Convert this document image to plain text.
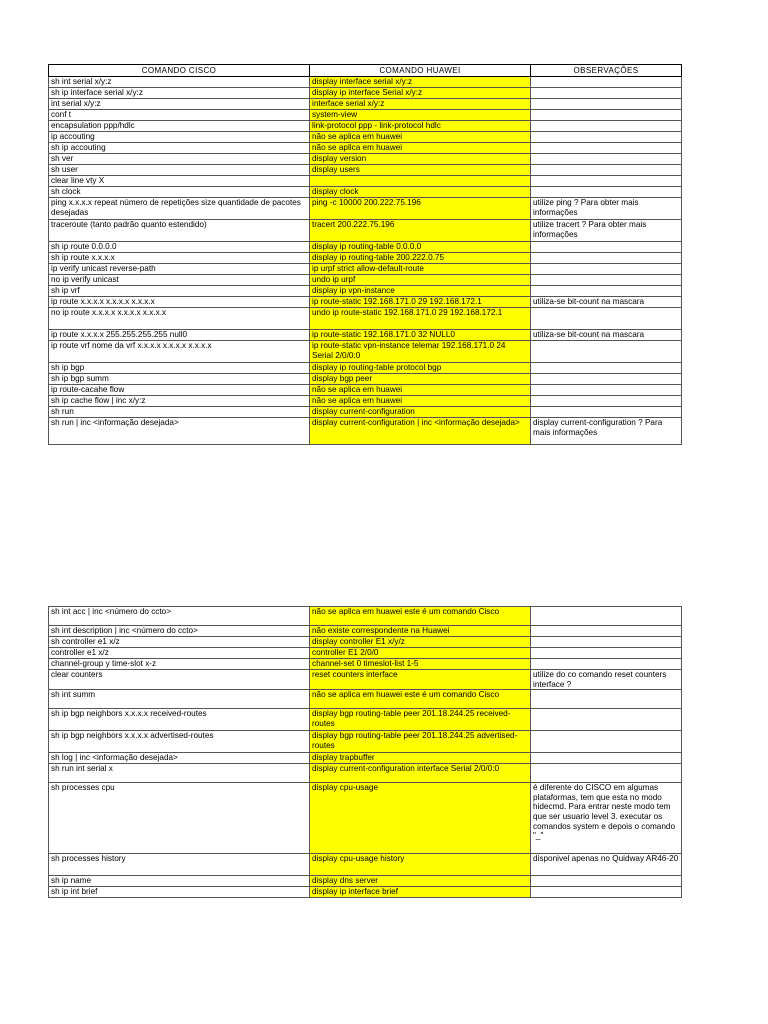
COMANDO CISCO	COMANDO HUAWEI	OBSERVAÇÕES
sh int serial x/y:z	display interface serial x/y:z	
sh ip interface serial x/y:z	display ip interface Serial x/y:z	
int serial x/y:z	interface serial x/y:z	
conf t	system-view	
encapsulation ppp/hdlc	link-protocol ppp - link-protocol hdlc	
ip accouting	não se aplica em huawei	
sh ip accouting	não se aplica em huawei	
sh ver	display version	
sh user	display users	
clear line vty X		
sh clock	display clock	
ping x.x.x.x repeat número de repetições size quantidade de pacotes desejadas	ping -c 10000 200.222.75.196	utilize ping ? Para obter mais informações
traceroute (tanto padrão quanto estendido)	tracert 200.222.75.196	utilize tracert ? Para obter mais informações
sh ip route 0.0.0.0	display ip routing-table 0.0.0.0	
sh ip route x.x.x.x	display ip routing-table 200.222.0.75	
ip verify unicast reverse-path	ip urpf strict allow-default-route	
no ip verify unicast	undo ip urpf	
sh ip vrf	display ip vpn-instance	
ip route x.x.x.x x.x.x.x x.x.x.x	ip route-static 192.168.171.0 29 192.168.172.1	utiliza-se bit-count na mascara
no ip route x.x.x.x x.x.x.x x.x.x.x	undo ip route-static 192.168.171.0 29 192.168.172.1	
ip route x.x.x.x 255.255.255.255 null0	ip route-static 192.168.171.0 32 NULL0	utiliza-se bit-count na mascara
ip route vrf nome da vrf x.x.x.x x.x.x.x x.x.x.x	ip route-static vpn-instance telemar 192.168.171.0 24 Serial 2/0/0:0	
sh ip bgp	display ip routing-table protocol bgp	
sh ip bgp summ	display bgp peer	
ip route-cacahe flow	não se aplica em huawei	
sh ip cache flow | inc x/y:z	não se aplica em huawei	
sh run	display current-configuration	
sh run | inc <informação desejada>	display current-configuration | inc <informação desejada>	display current-configuration ? Para mais informações
sh int acc | inc <número do ccto>	não se aplica em huawei este é um comando Cisco	
sh int description | inc <número do ccto>	não existe correspondente na Huawei	
sh controller e1 x/z	display controller E1 x/y/z	
controller e1 x/z	controller E1 2/0/0	
channel-group y time-slot x-z	channel-set 0 timeslot-list 1-5	
clear counters	reset counters interface	utilize do co comando reset counters interface ?
sh int summ	não se aplica em huawei este é um comando Cisco	
sh ip bgp neighbors x.x.x.x received-routes	display bgp routing-table peer 201.18.244.25 received-routes	
sh ip bgp neighbors x.x.x.x advertised-routes	display bgp routing-table peer 201.18.244.25 advertised-routes	
sh log | inc <informação desejada>	display trapbuffer	
sh run int serial x	display current-configuration interface Serial 2/0/0:0	
sh processes cpu	display cpu-usage	é diferente do CISCO em algumas plataformas, tem que esta no modo hidecmd. Para entrar neste modo tem que ser usuario level 3. executar os comandos system e depois o comando "_"
sh processes history	display cpu-usage history	disponivel apenas no Quidway AR46-20
sh ip name	display dns server	
sh ip int brief	display ip interface brief	
